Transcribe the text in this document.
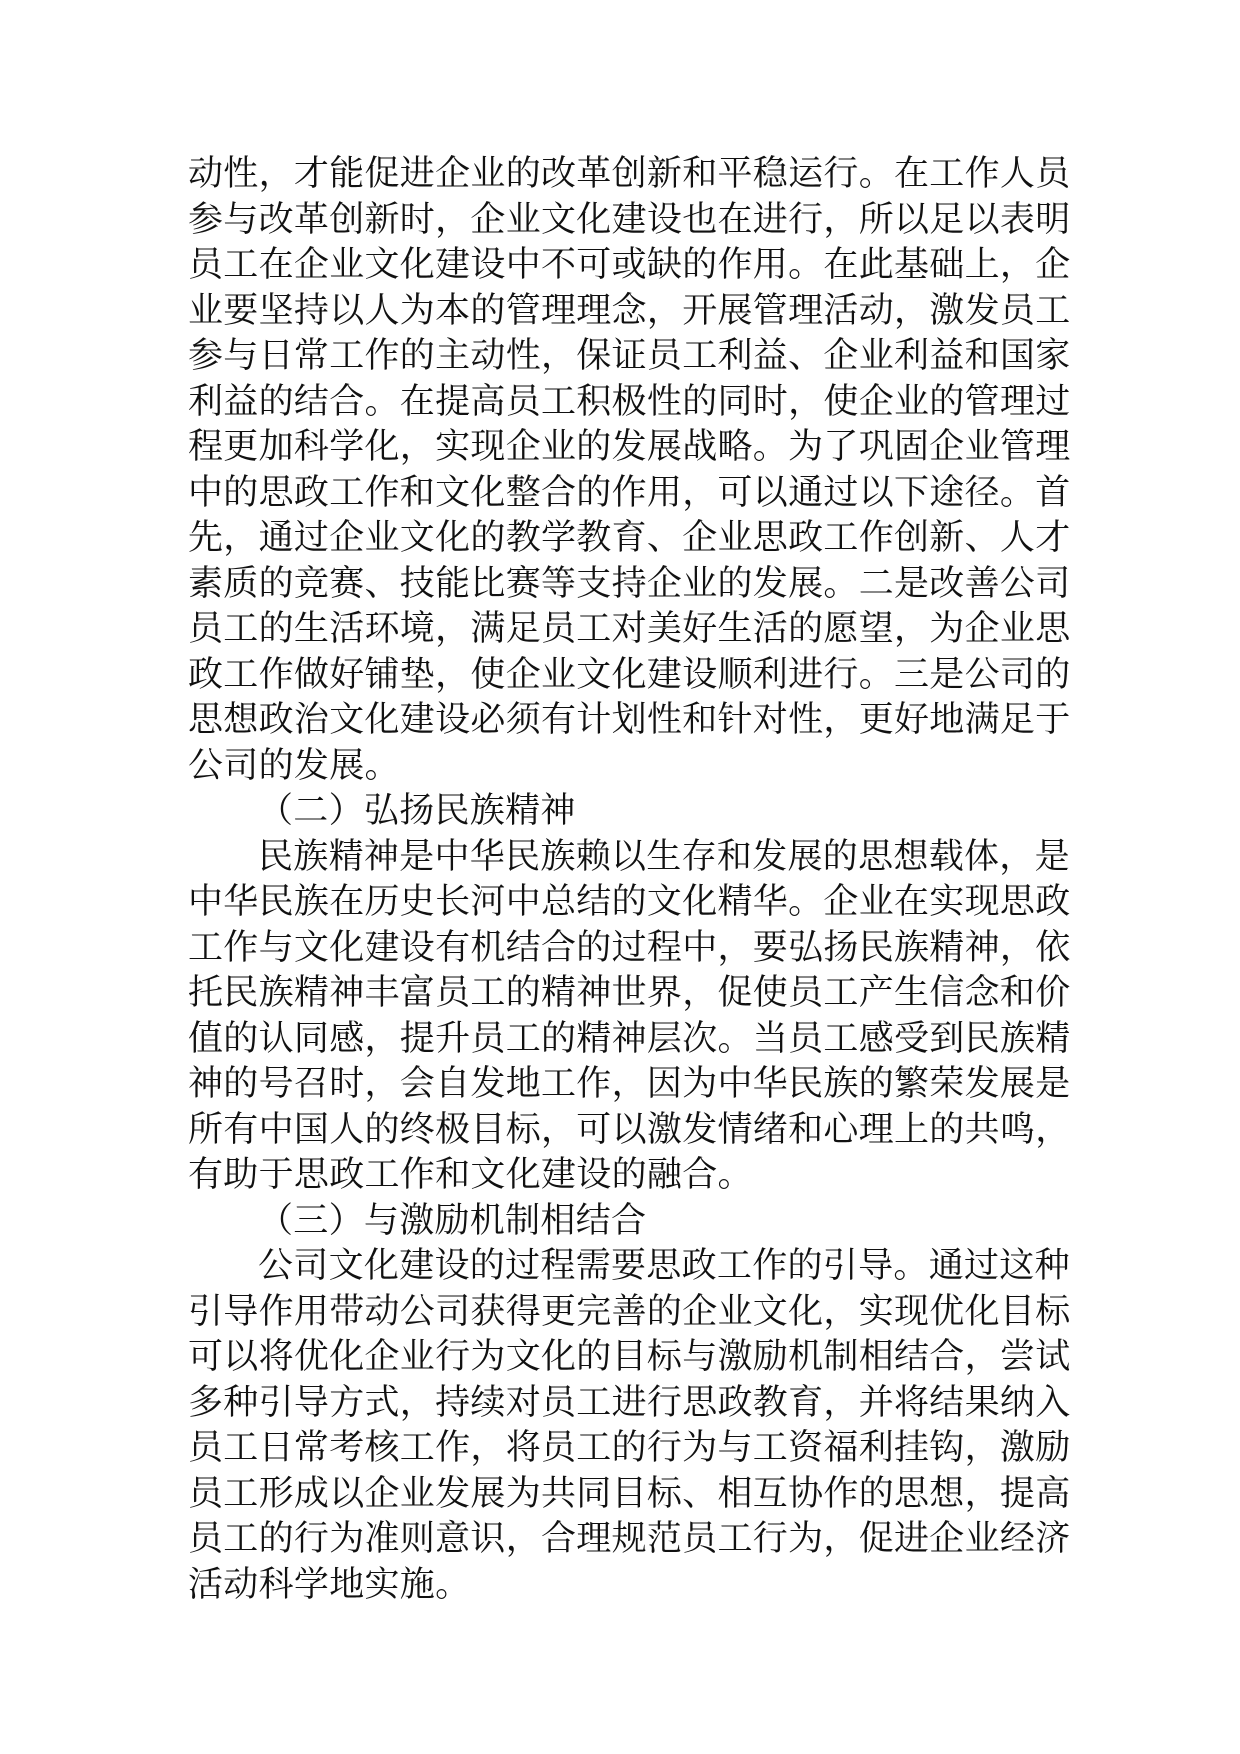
动性，才能促进企业的改革创新和平稳运行。在工作人员
参与改革创新时，企业文化建设也在进行，所以足以表明
员工在企业文化建设中不可或缺的作用。在此基础上，企
业要坚持以人为本的管理理念，开展管理活动，激发员工
参与日常工作的主动性，保证员工利益、企业利益和国家
利益的结合。在提高员工积极性的同时，使企业的管理过
程更加科学化，实现企业的发展战略。为了巩固企业管理
中的思政工作和文化整合的作用，可以通过以下途径。首
先，通过企业文化的教学教育、企业思政工作创新、人才
素质的竞赛、技能比赛等支持企业的发展。二是改善公司
员工的生活环境，满足员工对美好生活的愿望，为企业思
政工作做好铺垫，使企业文化建设顺利进行。三是公司的
思想政治文化建设必须有计划性和针对性，更好地满足于
公司的发展。
（二）弘扬民族精神
民族精神是中华民族赖以生存和发展的思想载体，是
中华民族在历史长河中总结的文化精华。企业在实现思政
工作与文化建设有机结合的过程中，要弘扬民族精神，依
托民族精神丰富员工的精神世界，促使员工产生信念和价
值的认同感，提升员工的精神层次。当员工感受到民族精
神的号召时，会自发地工作，因为中华民族的繁荣发展是
所有中国人的终极目标，可以激发情绪和心理上的共鸣，
有助于思政工作和文化建设的融合。
（三）与激励机制相结合
公司文化建设的过程需要思政工作的引导。通过这种
引导作用带动公司获得更完善的企业文化，实现优化目标
可以将优化企业行为文化的目标与激励机制相结合，尝试
多种引导方式，持续对员工进行思政教育，并将结果纳入
员工日常考核工作，将员工的行为与工资福利挂钩，激励
员工形成以企业发展为共同目标、相互协作的思想，提高
员工的行为准则意识，合理规范员工行为，促进企业经济
活动科学地实施。
